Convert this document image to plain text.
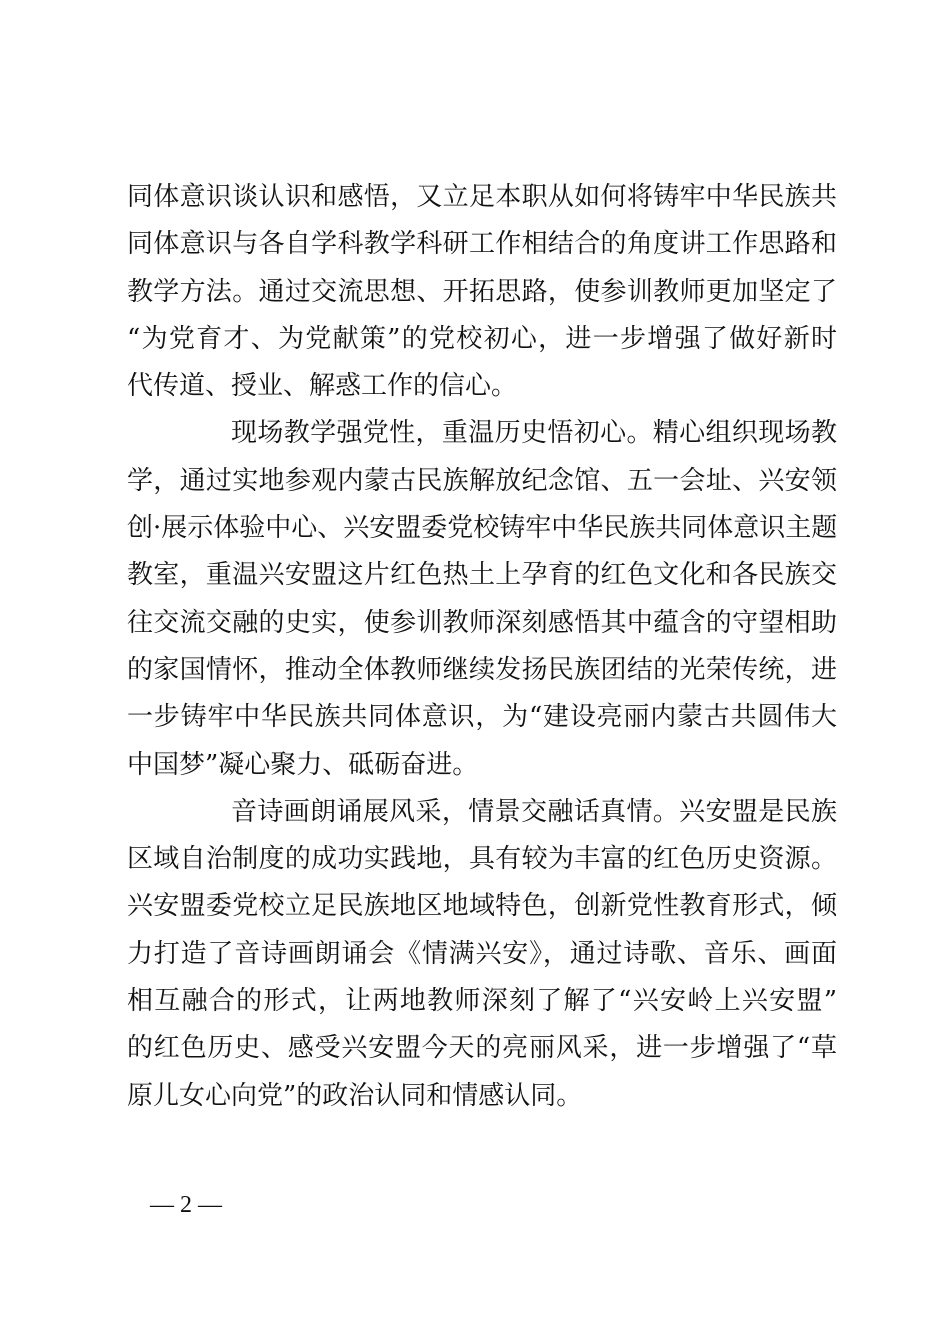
同体意识谈认识和感悟，又立足本职从如何将铸牢中华民族共
同体意识与各自学科教学科研工作相结合的角度讲工作思路和
教学方法。通过交流思想、开拓思路，使参训教师更加坚定了
“为党育才、为党献策”的党校初心，进一步增强了做好新时
代传道、授业、解惑工作的信心。
现场教学强党性，重温历史悟初心。精心组织现场教
学，通过实地参观内蒙古民族解放纪念馆、五一会址、兴安领
创·展示体验中心、兴安盟委党校铸牢中华民族共同体意识主题
教室，重温兴安盟这片红色热土上孕育的红色文化和各民族交
往交流交融的史实，使参训教师深刻感悟其中蕴含的守望相助
的家国情怀，推动全体教师继续发扬民族团结的光荣传统，进
一步铸牢中华民族共同体意识，为“建设亮丽内蒙古共圆伟大
中国梦”凝心聚力、砥砺奋进。
音诗画朗诵展风采，情景交融话真情。兴安盟是民族
区域自治制度的成功实践地，具有较为丰富的红色历史资源。
兴安盟委党校立足民族地区地域特色，创新党性教育形式，倾
力打造了音诗画朗诵会《情满兴安》，通过诗歌、音乐、画面
相互融合的形式，让两地教师深刻了解了“兴安岭上兴安盟”
的红色历史、感受兴安盟今天的亮丽风采，进一步增强了“草
原儿女心向党”的政治认同和情感认同。
— 2 —
